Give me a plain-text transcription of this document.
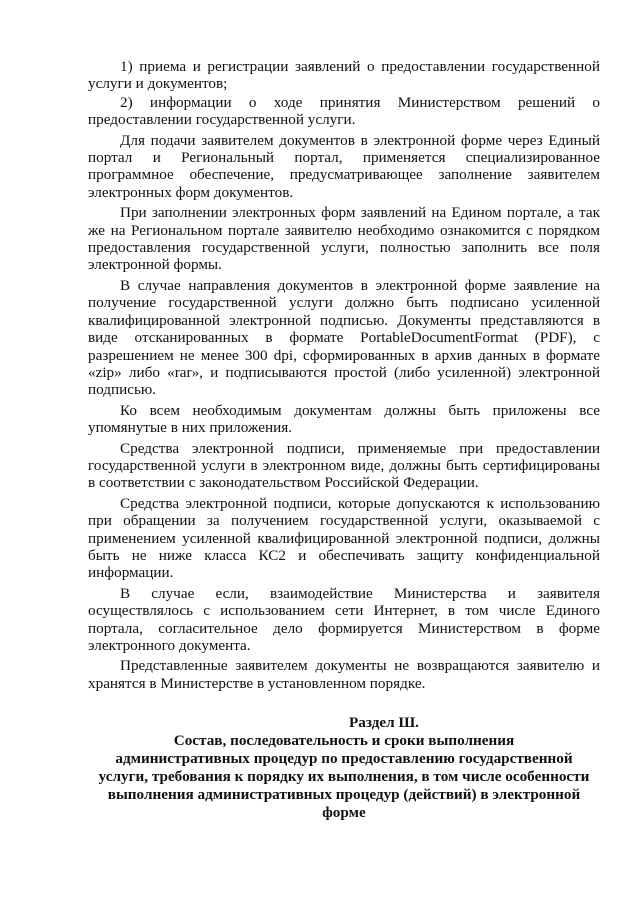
1) приема и регистрации заявлений о предоставлении государственной услуги и документов;

2) информации о ходе принятия Министерством решений о предоставлении государственной услуги.

Для подачи заявителем документов в электронной форме через Единый портал и Региональный портал, применяется специализированное программное обеспечение, предусматривающее заполнение заявителем электронных форм документов.

При заполнении электронных форм заявлений на Едином портале, а так же на Региональном портале заявителю необходимо ознакомится с порядком предоставления государственной услуги, полностью заполнить все поля электронной формы.

В случае направления документов в электронной форме заявление на получение государственной услуги должно быть подписано усиленной квалифицированной электронной подписью. Документы представляются в виде отсканированных в формате PortableDocumentFormat (PDF), с разрешением не менее 300 dpi, сформированных в архив данных в формате «zip» либо «rar», и подписываются простой (либо усиленной) электронной подписью.

Ко всем необходимым документам должны быть приложены все упомянутые в них приложения.

Средства электронной подписи, применяемые при предоставлении государственной услуги в электронном виде, должны быть сертифицированы в соответствии с законодательством Российской Федерации.

Средства электронной подписи, которые допускаются к использованию при обращении за получением государственной услуги, оказываемой с применением усиленной квалифицированной электронной подписи, должны быть не ниже класса КС2 и обеспечивать защиту конфиденциальной информации.

В случае если, взаимодействие Министерства и заявителя осуществлялось с использованием сети Интернет, в том числе Единого портала, согласительное дело формируется Министерством в форме электронного документа.

Представленные заявителем документы не возвращаются заявителю и хранятся в Министерстве в установленном порядке.

Раздел Ш.
Состав, последовательность и сроки выполнения
административных процедур по предоставлению государственной
услуги, требования к порядку их выполнения, в том числе особенности
выполнения административных процедур (действий) в электронной
форме
